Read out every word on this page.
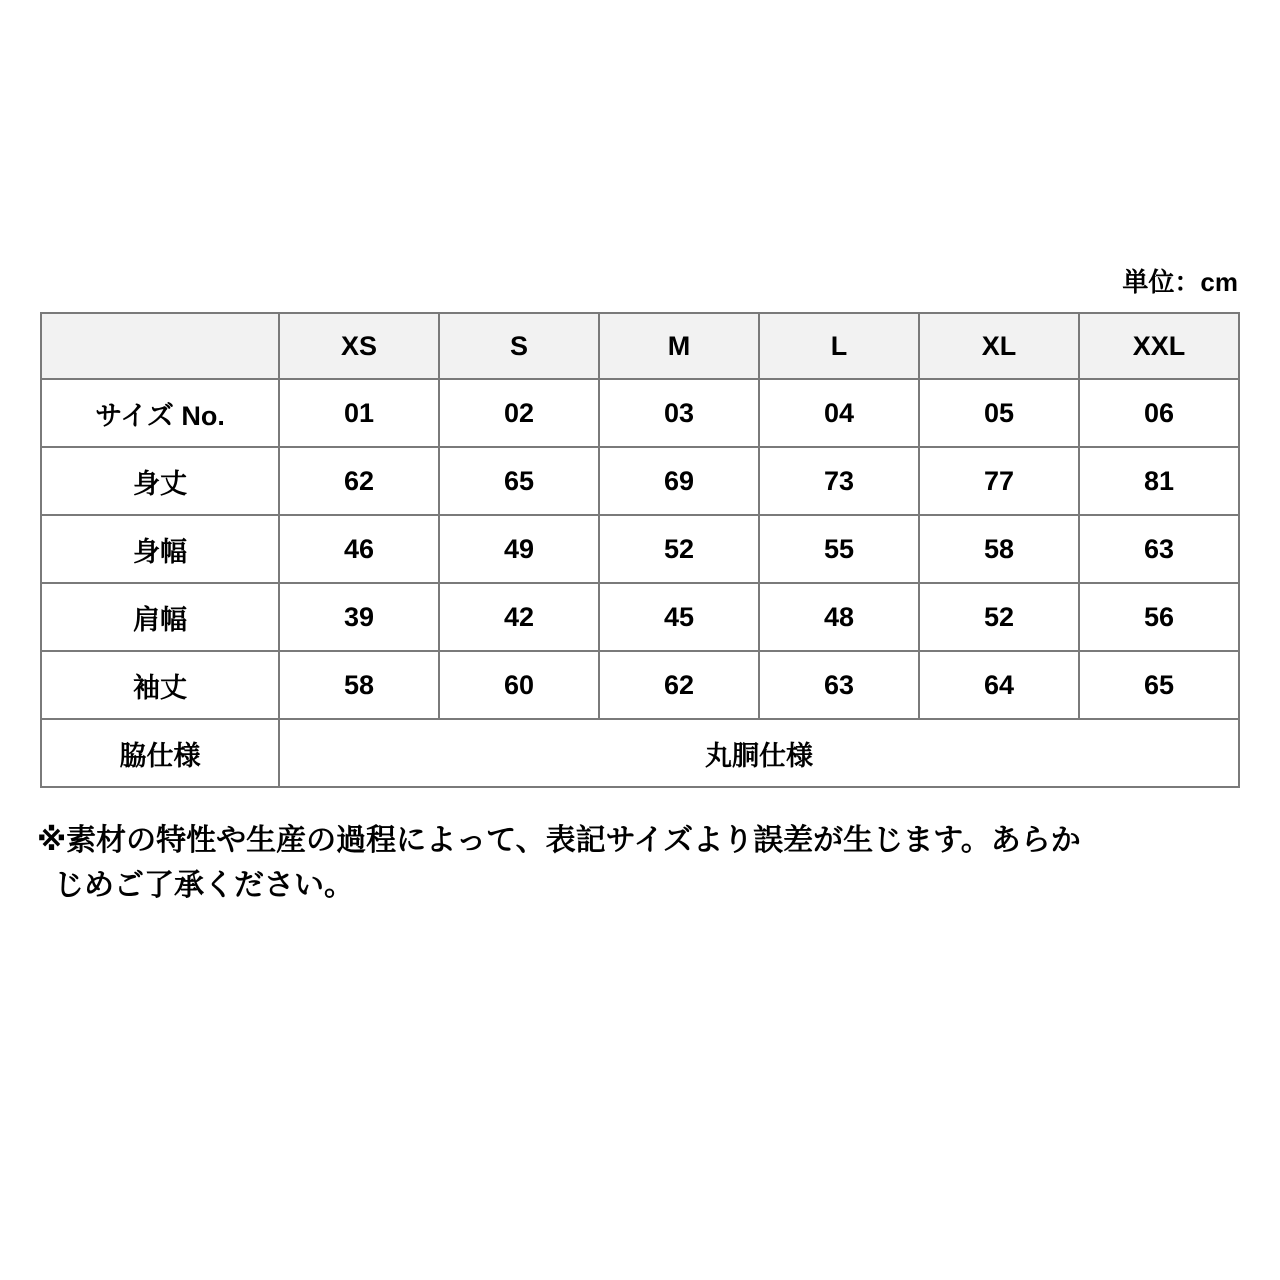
単位：cm
	XS	S	M	L	XL	XXL
サイズ No.	01	02	03	04	05	06
身丈	62	65	69	73	77	81
身幅	46	49	52	55	58	63
肩幅	39	42	45	48	52	56
袖丈	58	60	62	63	64	65
脇仕様	丸胴仕様					
※素材の特性や生産の過程によって、表記サイズより誤差が生じます。あらか
じめご了承ください。
